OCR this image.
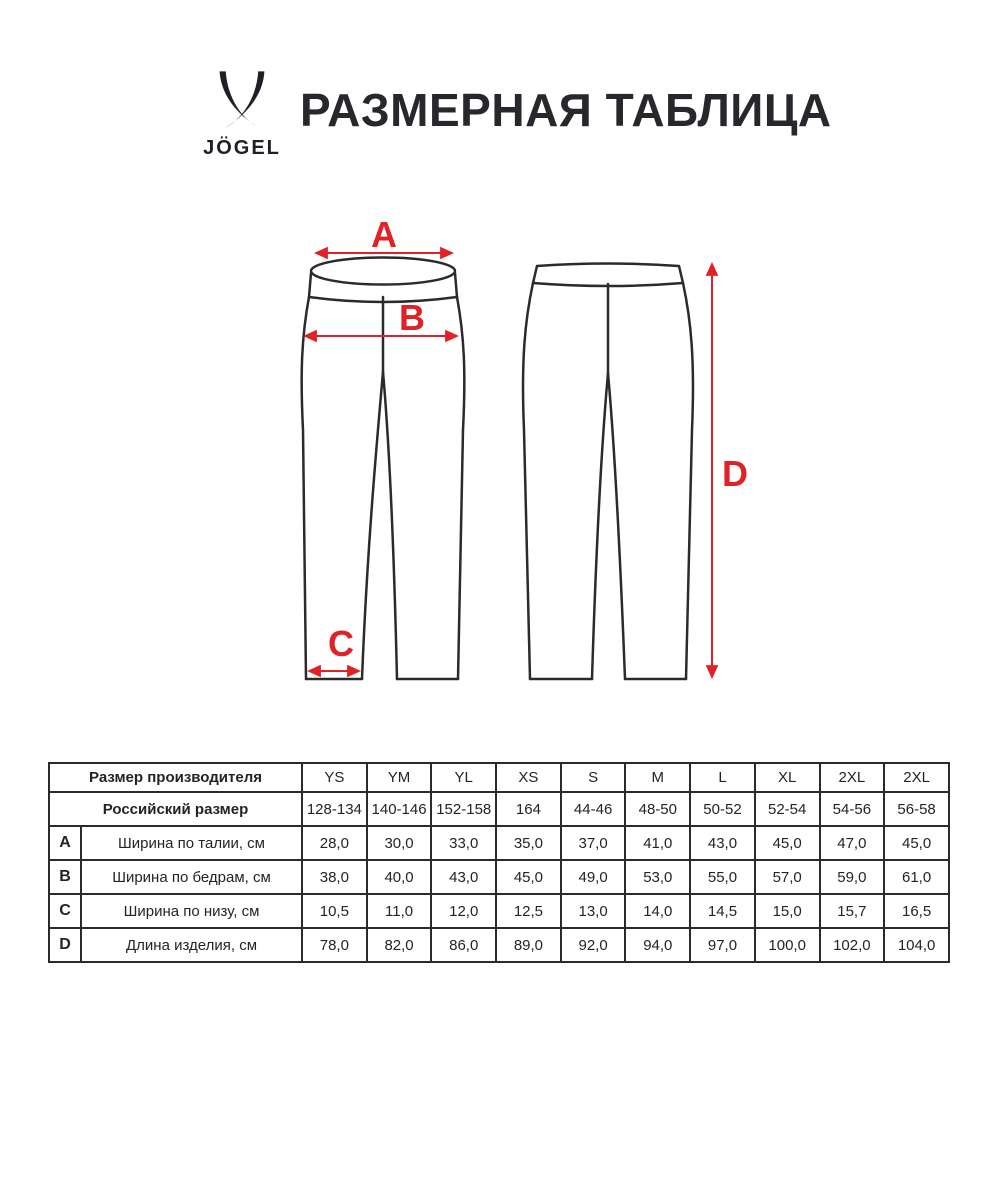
JÖGEL
РАЗМЕРНАЯ ТАБЛИЦА
A
B
C
D
Размер производителя		YS	YM	YL	XS	S	M	L	XL	2XL	2XL
Российский размер		128-134	140-146	152-158	164	44-46	48-50	50-52	52-54	54-56	56-58
A	Ширина по талии, см	28,0	30,0	33,0	35,0	37,0	41,0	43,0	45,0	47,0	45,0
B	Ширина по бедрам, см	38,0	40,0	43,0	45,0	49,0	53,0	55,0	57,0	59,0	61,0
C	Ширина по низу, см	10,5	11,0	12,0	12,5	13,0	14,0	14,5	15,0	15,7	16,5
D	Длина изделия, см	78,0	82,0	86,0	89,0	92,0	94,0	97,0	100,0	102,0	104,0
